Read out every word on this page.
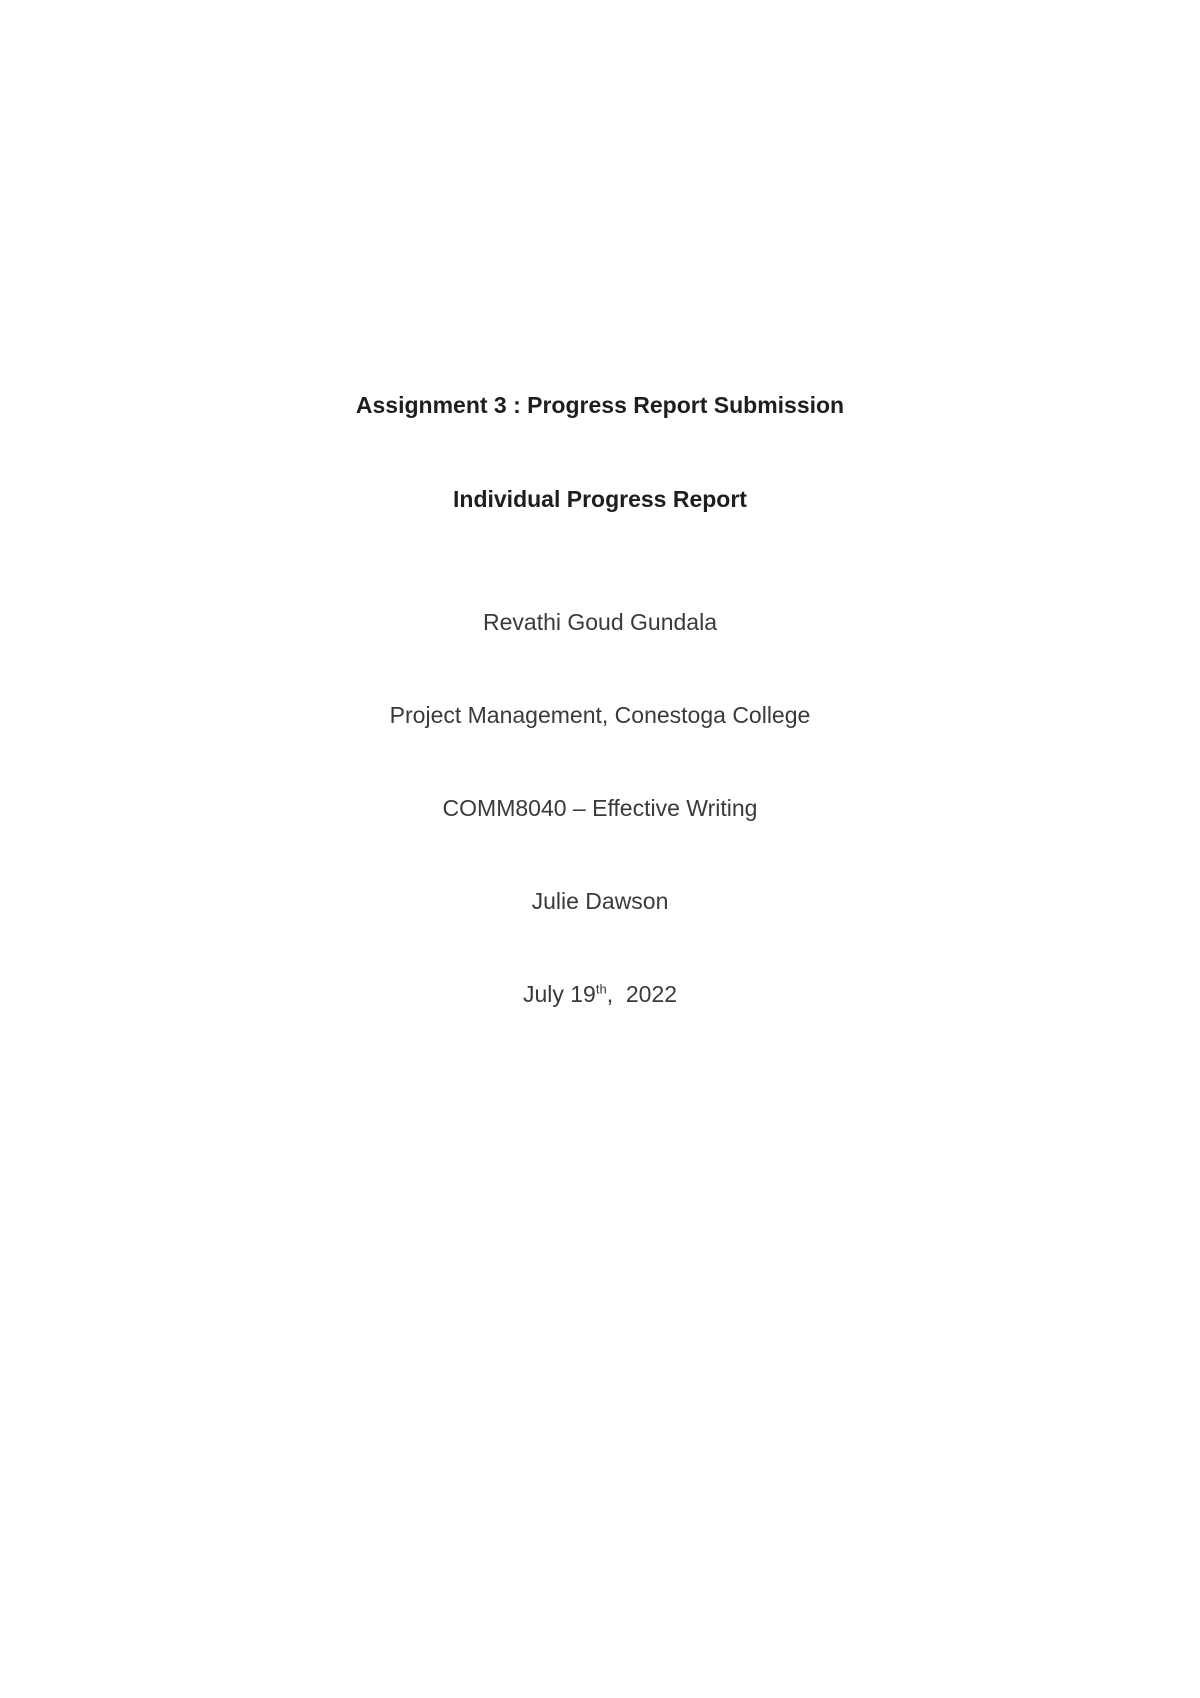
Assignment 3 : Progress Report Submission
Individual Progress Report
Revathi Goud Gundala
Project Management, Conestoga College
COMM8040 – Effective Writing
Julie Dawson
July 19th,  2022
